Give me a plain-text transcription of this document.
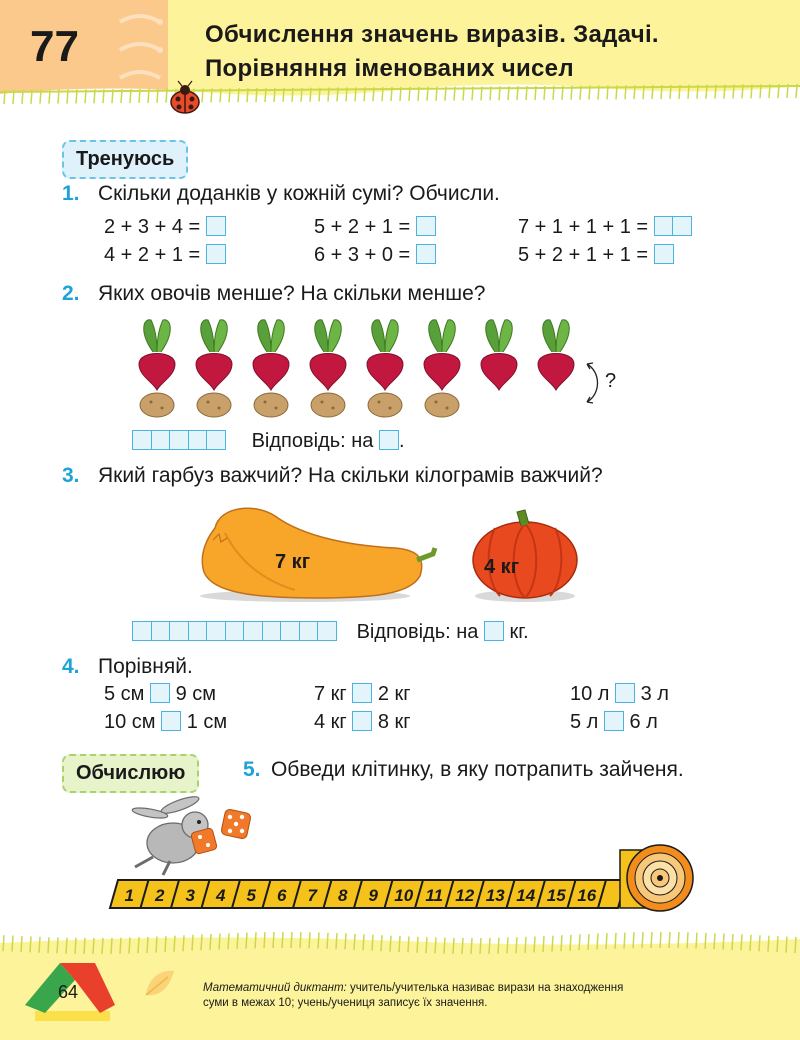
77	Обчислення значень виразів. Задачі.
Порівняння іменованих чисел
Тренуюсь
1. Скільки доданків у кожній сумі? Обчисли.
2 + 3 + 4 =	5 + 2 + 1 =	7 + 1 + 1 + 1 =
4 + 2 + 1 =	6 + 3 + 0 =	5 + 2 + 1 + 1 =
2. Яких овочів менше? На скільки менше?
?
Відповідь: на .
3. Який гарбуз важчий? На скільки кілограмів важчий?
7 кг	4 кг
Відповідь: на кг.
4. Порівняй.
5 см 9 см	7 кг 2 кг	10 л 3 л
10 см 1 см	4 кг 8 кг	5 л 6 л
Обчислюю	5. Обведи клітинку, в яку потрапить зайченя.
1 2 3 4 5 6 7 8 9 10 11 12 13 14 15 16
64	Математичний диктант: учитель/учителька називає вирази на знаходження
суми в межах 10; учень/учениця записує їх значення.
